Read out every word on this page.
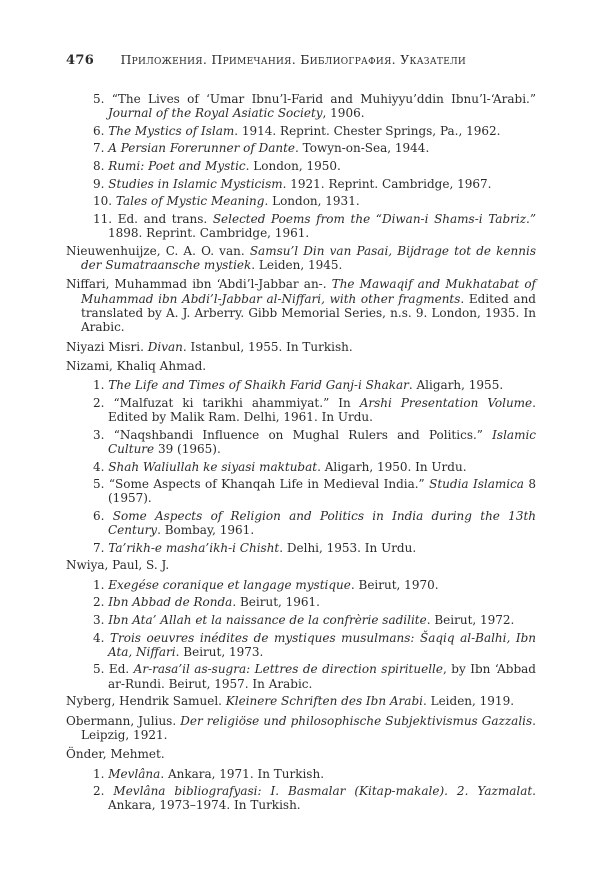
476 Приложения. Примечания. Библиография. Указатели
5. “The Lives of ‘Umar Ibnu’l-Farid and Muhiyyu’ddin Ibnu’l-‘Arabi.” Journal of the Royal Asiatic Society, 1906.
6. The Mystics of Islam. 1914. Reprint. Chester Springs, Pa., 1962.
7. A Persian Forerunner of Dante. Towyn-on-Sea, 1944.
8. Rumi: Poet and Mystic. London, 1950.
9. Studies in Islamic Mysticism. 1921. Reprint. Cambridge, 1967.
10. Tales of Mystic Meaning. London, 1931.
11. Ed. and trans. Selected Poems from the “Diwan-i Shams-i Tabriz.” 1898. Reprint. Cambridge, 1961.
Nieuwenhuijze, C. A. O. van. Samsu’l Din van Pasai, Bijdrage tot de kennis der Sumatraansche mystiek. Leiden, 1945.
Niffari, Muhammad ibn ‘Abdi’l-Jabbar an-. The Mawaqif and Mukhatabat of Muhammad ibn Abdi’l-Jabbar al-Niffari, with other fragments. Edited and translated by A. J. Arberry. Gibb Memorial Series, n.s. 9. London, 1935. In Arabic.
Niyazi Misri. Divan. Istanbul, 1955. In Turkish.
Nizami, Khaliq Ahmad.
1. The Life and Times of Shaikh Farid Ganj-i Shakar. Aligarh, 1955.
2. “Malfuzat ki tarikhi ahammiyat.” In Arshi Presentation Volume. Edited by Malik Ram. Delhi, 1961. In Urdu.
3. “Naqshbandi Influence on Mughal Rulers and Politics.” Islamic Culture 39 (1965).
4. Shah Waliullah ke siyasi maktubat. Aligarh, 1950. In Urdu.
5. “Some Aspects of Khanqah Life in Medieval India.” Studia Islamica 8 (1957).
6. Some Aspects of Religion and Politics in India during the 13th Century. Bombay, 1961.
7. Ta’rikh-e masha’ikh-i Chisht. Delhi, 1953. In Urdu.
Nwiya, Paul, S. J.
1. Exegése coranique et langage mystique. Beirut, 1970.
2. Ibn Abbad de Ronda. Beirut, 1961.
3. Ibn Ata’ Allah et la naissance de la confrèrie sadilite. Beirut, 1972.
4. Trois oeuvres inédites de mystiques musulmans: Šaqiq al-Balhi, Ibn Ata, Niffari. Beirut, 1973.
5. Ed. Ar-rasa’il as-sugra: Lettres de direction spirituelle, by Ibn ‘Abbad ar-Rundi. Beirut, 1957. In Arabic.
Nyberg, Hendrik Samuel. Kleinere Schriften des Ibn Arabi. Leiden, 1919.
Obermann, Julius. Der religiöse und philosophische Subjektivismus Gazzalis. Leipzig, 1921.
Önder, Mehmet.
1. Mevlâna. Ankara, 1971. In Turkish.
2. Mevlâna bibliografyasi: I. Basmalar (Kitap-makale). 2. Yazmalat. Ankara, 1973–1974. In Turkish.
